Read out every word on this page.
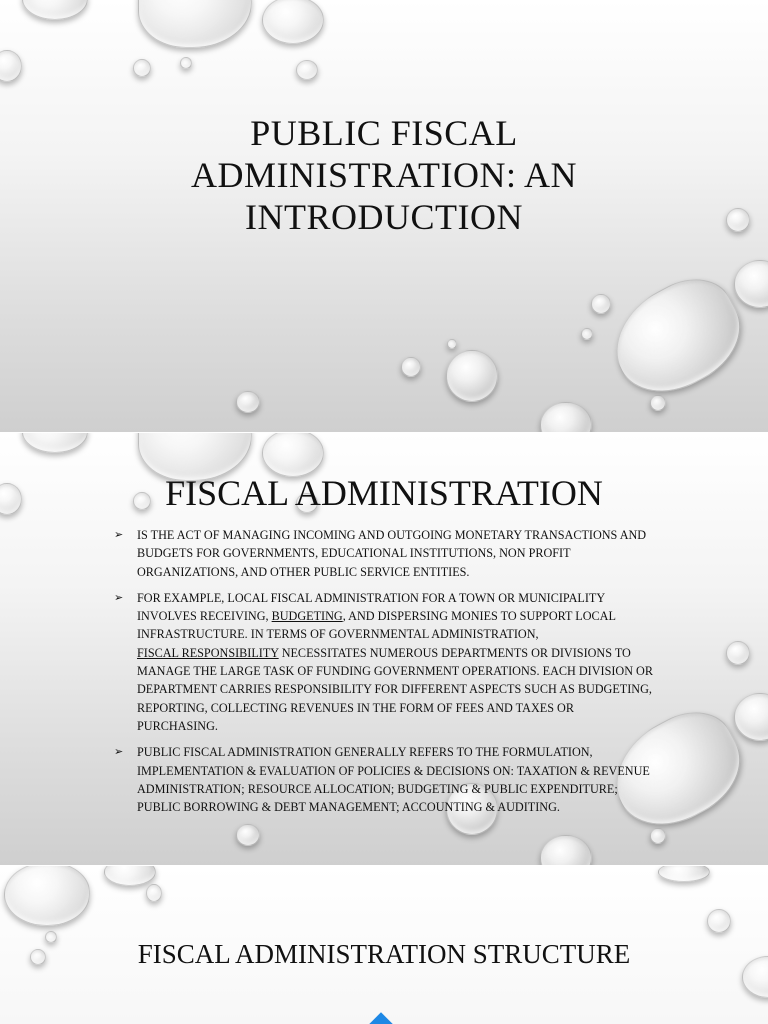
PUBLIC FISCAL
ADMINISTRATION: AN
INTRODUCTION
FISCAL ADMINISTRATION
➢ IS THE ACT OF MANAGING INCOMING AND OUTGOING MONETARY TRANSACTIONS AND BUDGETS FOR GOVERNMENTS, EDUCATIONAL INSTITUTIONS, NON PROFIT ORGANIZATIONS, AND OTHER PUBLIC SERVICE ENTITIES.
➢ FOR EXAMPLE, LOCAL FISCAL ADMINISTRATION FOR A TOWN OR MUNICIPALITY INVOLVES RECEIVING, BUDGETING, AND DISPERSING MONIES TO SUPPORT LOCAL INFRASTRUCTURE. IN TERMS OF GOVERNMENTAL ADMINISTRATION,
FISCAL RESPONSIBILITY NECESSITATES NUMEROUS DEPARTMENTS OR DIVISIONS TO MANAGE THE LARGE TASK OF FUNDING GOVERNMENT OPERATIONS. EACH DIVISION OR DEPARTMENT CARRIES RESPONSIBILITY FOR DIFFERENT ASPECTS SUCH AS BUDGETING, REPORTING, COLLECTING REVENUES IN THE FORM OF FEES AND TAXES OR PURCHASING.
➢ PUBLIC FISCAL ADMINISTRATION GENERALLY REFERS TO THE FORMULATION, IMPLEMENTATION & EVALUATION OF POLICIES & DECISIONS ON: TAXATION & REVENUE ADMINISTRATION; RESOURCE ALLOCATION; BUDGETING & PUBLIC EXPENDITURE; PUBLIC BORROWING & DEBT MANAGEMENT; ACCOUNTING & AUDITING.
FISCAL ADMINISTRATION STRUCTURE
